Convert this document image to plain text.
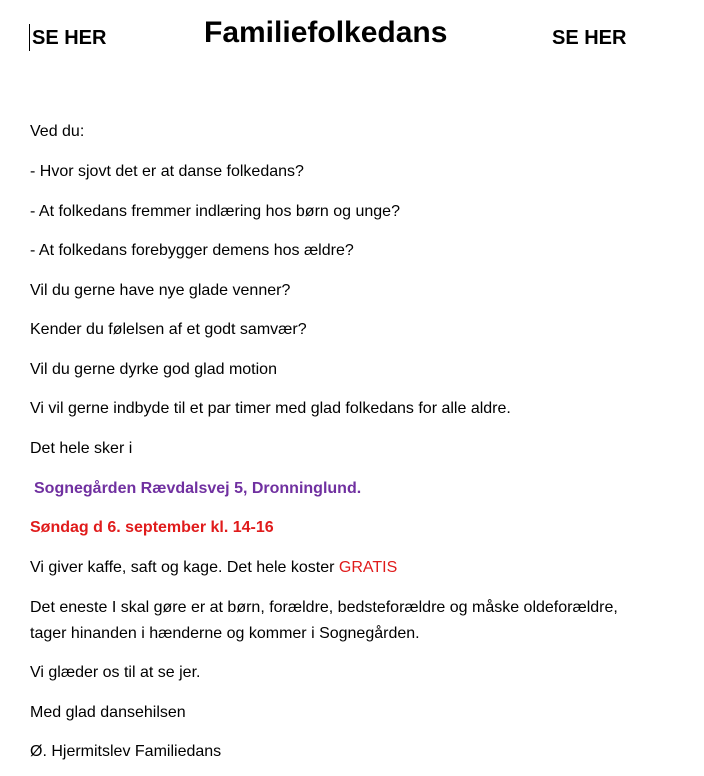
SE HER	Familiefolkedans	SE HER
Ved du:
- Hvor sjovt det er at danse folkedans?
- At folkedans fremmer indlæring hos børn og unge?
- At folkedans forebygger demens hos ældre?
Vil du gerne have nye glade venner?
Kender du følelsen af et godt samvær?
Vil du gerne dyrke god glad motion
Vi vil gerne indbyde til et par timer med glad folkedans for alle aldre.
Det hele sker i
Sognegården Rævdalsvej 5, Dronninglund.
Søndag d 6. september kl. 14-16
Vi giver kaffe, saft og kage. Det hele koster GRATIS
Det eneste I skal gøre er at børn, forældre, bedsteforældre og måske oldeforældre,
tager hinanden i hænderne og kommer i Sognegården.
Vi glæder os til at se jer.
Med glad dansehilsen
Ø. Hjermitslev Familiedans
